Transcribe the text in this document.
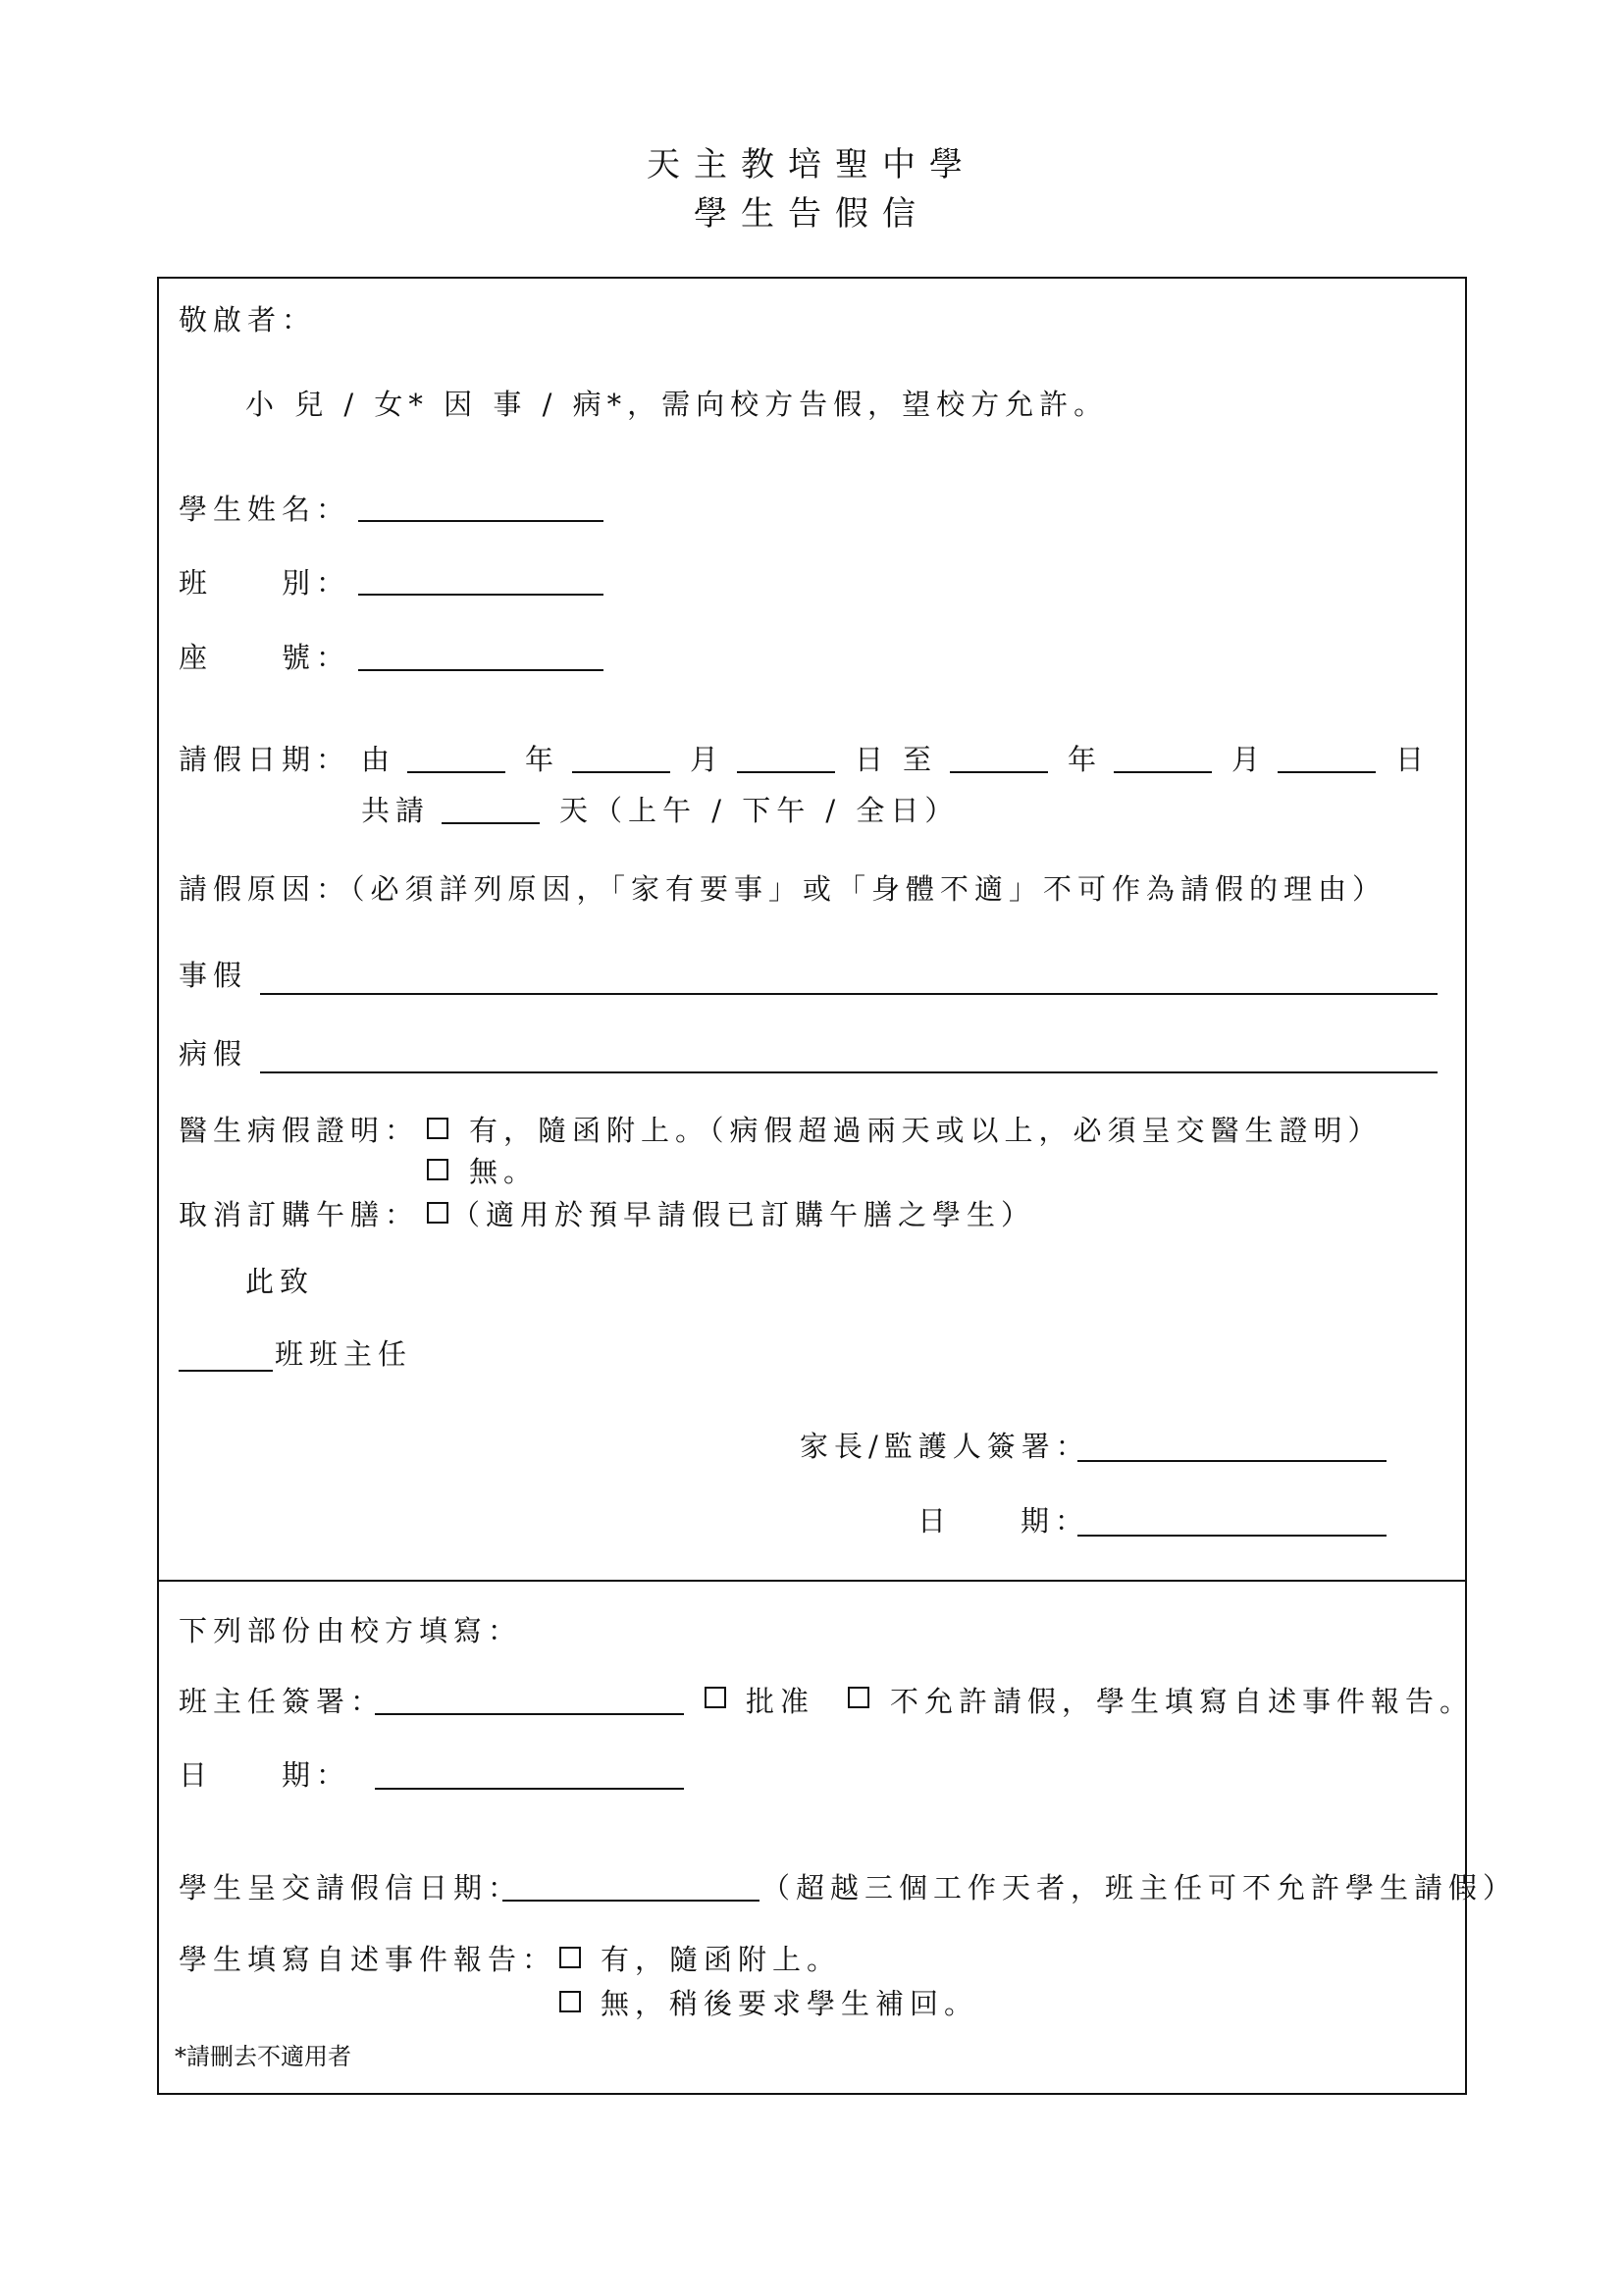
天主教培聖中學
學生告假信
敬啟者：
小 兒 / 女* 因 事 / 病*，需向校方告假，望校方允許。
學生姓名：
班　　別：
座　　號：
請假日期： 由	年	月	日 至	年	月	日
共請	天（上午 / 下午 / 全日）
請假原因：（必須詳列原因，「家有要事」或「身體不適」不可作為請假的理由）
事假
病假
醫生病假證明： 有，隨函附上。（病假超過兩天或以上，必須呈交醫生證明）
無。
取消訂購午膳： （適用於預早請假已訂購午膳之學生）
此致
班班主任
家長/監護人簽署：
日　　期：
下列部份由校方填寫：
班主任簽署：	批准	不允許請假，學生填寫自述事件報告。
日　　期：
學生呈交請假信日期：	（超越三個工作天者，班主任可不允許學生請假）
學生填寫自述事件報告： 有，隨函附上。
無，稍後要求學生補回。
*請刪去不適用者
